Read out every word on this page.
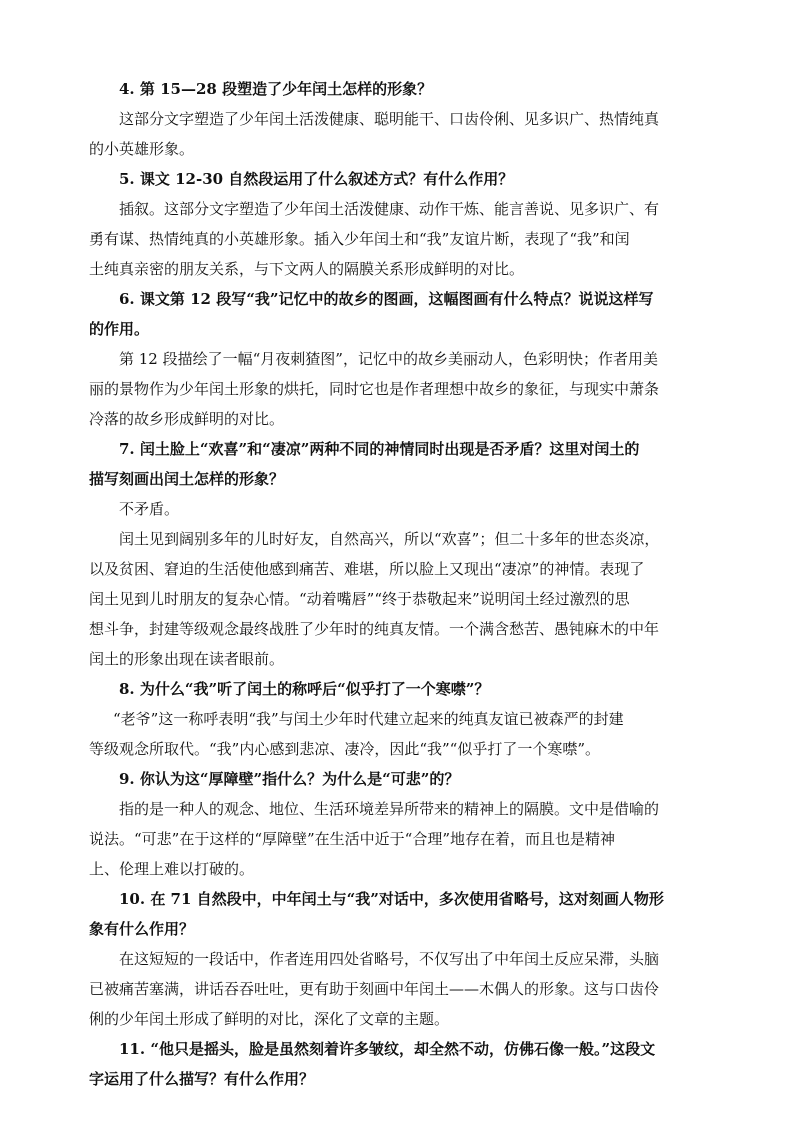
4. 第 15—28 段塑造了少年闰土怎样的形象？
这部分文字塑造了少年闰土活泼健康、聪明能干、口齿伶俐、见多识广、热情纯真
的小英雄形象。
5. 课文 12-30 自然段运用了什么叙述方式？有什么作用？
插叙。这部分文字塑造了少年闰土活泼健康、动作干炼、能言善说、见多识广、有
勇有谋、热情纯真的小英雄形象。插入少年闰土和“我”友谊片断，表现了“我”和闰
土纯真亲密的朋友关系，与下文两人的隔膜关系形成鲜明的对比。
6. 课文第 12 段写“我”记忆中的故乡的图画，这幅图画有什么特点？说说这样写
的作用。
第 12 段描绘了一幅“月夜刺猹图”，记忆中的故乡美丽动人，色彩明快；作者用美
丽的景物作为少年闰土形象的烘托，同时它也是作者理想中故乡的象征，与现实中萧条
冷落的故乡形成鲜明的对比。
7. 闰土脸上“欢喜”和“凄凉”两种不同的神情同时出现是否矛盾？这里对闰土的
描写刻画出闰土怎样的形象？
不矛盾。
闰土见到阔别多年的儿时好友，自然高兴，所以“欢喜”；但二十多年的世态炎凉，
以及贫困、窘迫的生活使他感到痛苦、难堪，所以脸上又现出“凄凉”的神情。表现了
闰土见到儿时朋友的复杂心情。“动着嘴唇”“终于恭敬起来”说明闰土经过激烈的思
想斗争，封建等级观念最终战胜了少年时的纯真友情。一个满含愁苦、愚钝麻木的中年
闰土的形象出现在读者眼前。
8. 为什么“我”听了闰土的称呼后“似乎打了一个寒噤”？
“老爷”这一称呼表明“我”与闰土少年时代建立起来的纯真友谊已被森严的封建
等级观念所取代。“我”内心感到悲凉、凄冷，因此“我”“似乎打了一个寒噤”。
9. 你认为这“厚障壁”指什么？为什么是“可悲”的？
指的是一种人的观念、地位、生活环境差异所带来的精神上的隔膜。文中是借喻的
说法。“可悲”在于这样的“厚障壁”在生活中近于“合理”地存在着，而且也是精神
上、伦理上难以打破的。
10. 在 71 自然段中，中年闰土与“我”对话中，多次使用省略号，这对刻画人物形
象有什么作用？
在这短短的一段话中，作者连用四处省略号，不仅写出了中年闰土反应呆滞，头脑
已被痛苦塞满，讲话吞吞吐吐，更有助于刻画中年闰土——木偶人的形象。这与口齿伶
俐的少年闰土形成了鲜明的对比，深化了文章的主题。
11. “他只是摇头，脸是虽然刻着许多皱纹，却全然不动，仿佛石像一般。”这段文
字运用了什么描写？有什么作用？
